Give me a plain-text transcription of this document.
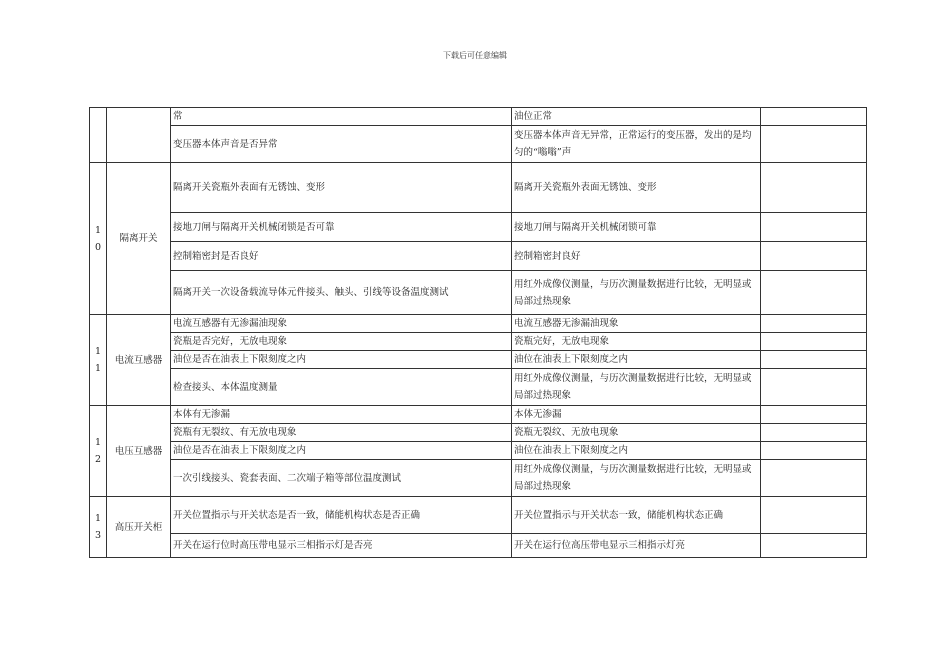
下载后可任意编辑
		常	油位正常	
		变压器本体声音是否异常	变压器本体声音无异常，正常运行的变压器，发出的是均匀的“嗡嗡”声	
10	隔离开关	隔离开关瓷瓶外表面有无锈蚀、变形	隔离开关瓷瓶外表面无锈蚀、变形	
		接地刀闸与隔离开关机械闭锁是否可靠	接地刀闸与隔离开关机械闭锁可靠	
		控制箱密封是否良好	控制箱密封良好	
		隔离开关一次设备载流导体元件接头、触头、引线等设备温度测试	用红外成像仪测量，与历次测量数据进行比较，无明显或局部过热现象	
11	电流互感器	电流互感器有无渗漏油现象	电流互感器无渗漏油现象	
		瓷瓶是否完好，无放电现象	瓷瓶完好，无放电现象	
		油位是否在油表上下限刻度之内	油位在油表上下限刻度之内	
		检查接头、本体温度测量	用红外成像仪测量，与历次测量数据进行比较，无明显或局部过热现象	
12	电压互感器	本体有无渗漏	本体无渗漏	
		瓷瓶有无裂纹、有无放电现象	瓷瓶无裂纹、无放电现象	
		油位是否在油表上下限刻度之内	油位在油表上下限刻度之内	
		一次引线接头、瓷套表面、二次端子箱等部位温度测试	用红外成像仪测量，与历次测量数据进行比较，无明显或局部过热现象	
13	高压开关柜	开关位置指示与开关状态是否一致，储能机构状态是否正确	开关位置指示与开关状态一致，储能机构状态正确	
		开关在运行位时高压带电显示三相指示灯是否亮	开关在运行位高压带电显示三相指示灯亮	
